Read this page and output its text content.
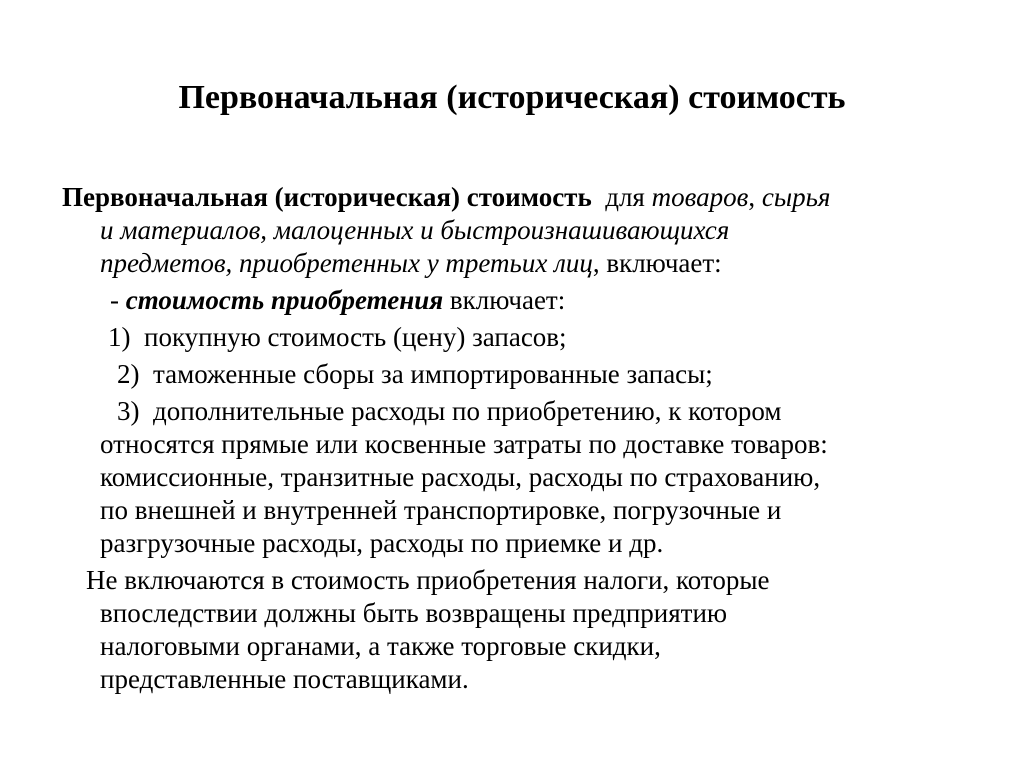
Первоначальная (историческая) стоимость
Первоначальная (историческая) стоимость для товаров, сырья
и материалов, малоценных и быстроизнашивающихся
предметов, приобретенных у третьих лиц, включает:
- стоимость приобретения включает:
1) покупную стоимость (цену) запасов;
2) таможенные сборы за импортированные запасы;
3) дополнительные расходы по приобретению, к котором
относятся прямые или косвенные затраты по доставке товаров:
комиссионные, транзитные расходы, расходы по страхованию,
по внешней и внутренней транспортировке, погрузочные и
разгрузочные расходы, расходы по приемке и др.
Не включаются в стоимость приобретения налоги, которые
впоследствии должны быть возвращены предприятию
налоговыми органами, а также торговые скидки,
представленные поставщиками.
